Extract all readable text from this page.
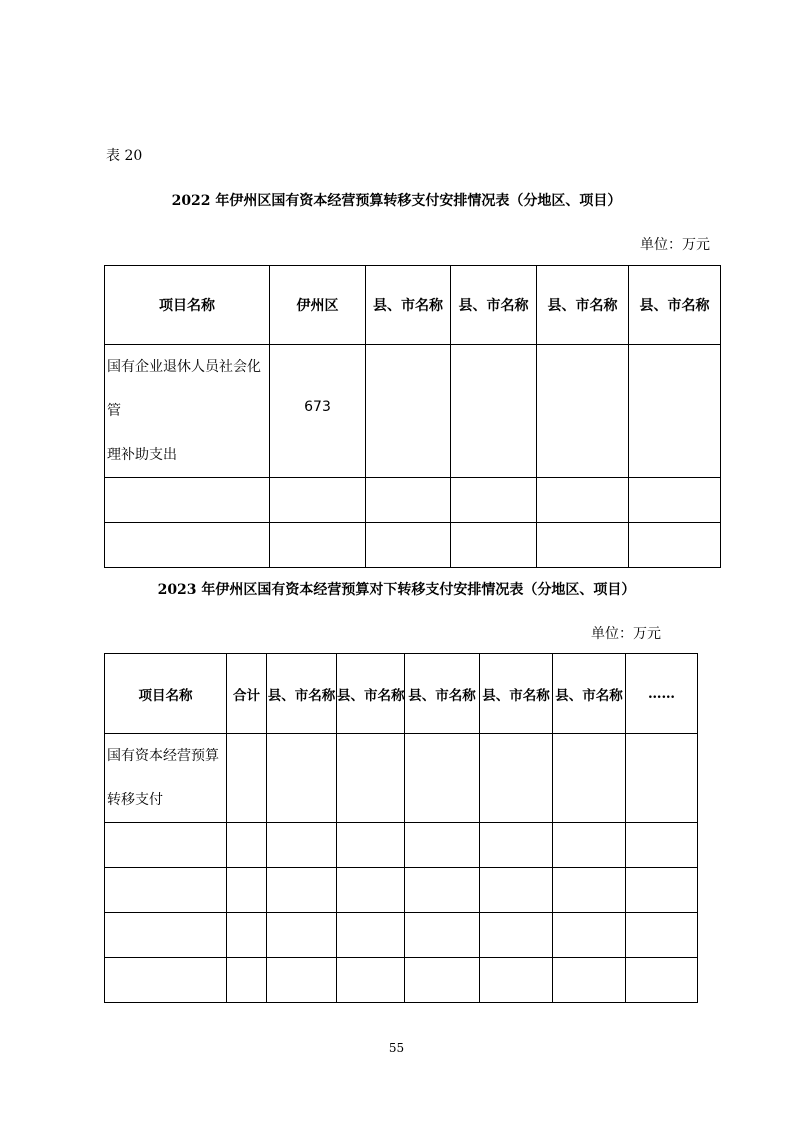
表 20
2022 年伊州区国有资本经营预算转移支付安排情况表（分地区、项目）
单位：万元
项目名称	伊州区	县、市名称	县、市名称	县、市名称	县、市名称

国有企业退休人员社会化管
理补助支出	673				

2023 年伊州区国有资本经营预算对下转移支付安排情况表（分地区、项目）
单位：万元
项目名称	合计	县、市名称	县、市名称	县、市名称	县、市名称	县、市名称	……

国有资本经营预算
转移支付							

55
